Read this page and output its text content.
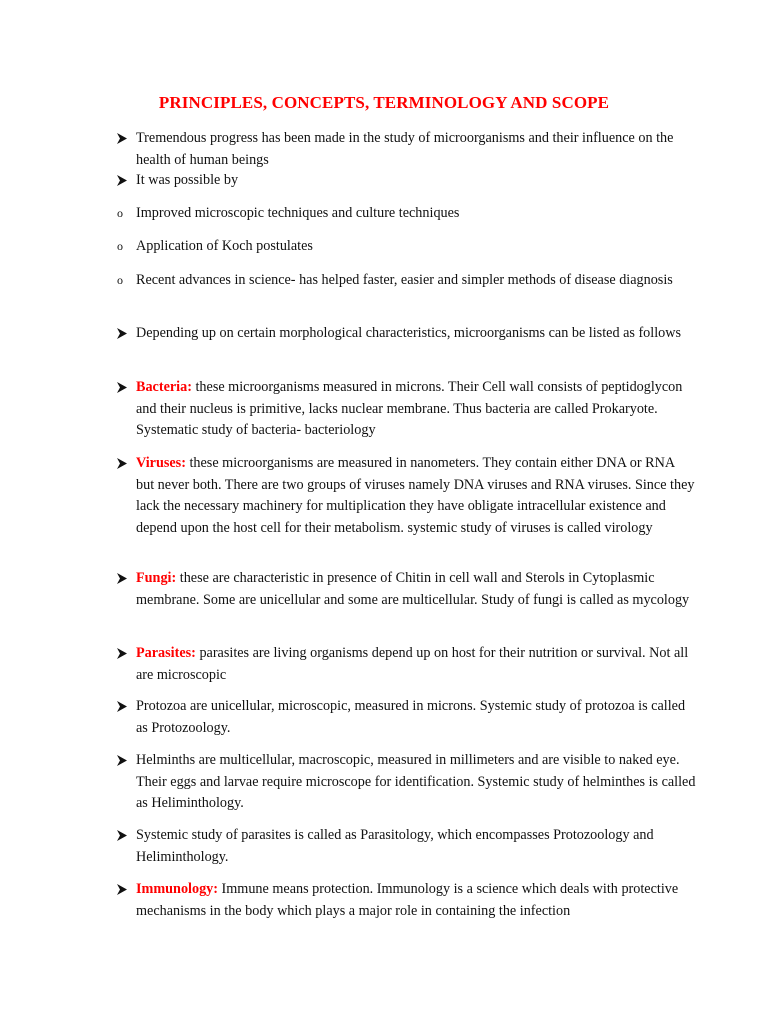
PRINCIPLES, CONCEPTS, TERMINOLOGY AND SCOPE
Tremendous progress has been made in the study of microorganisms and their influence on the health of human beings
It was possible by
o Improved microscopic techniques and culture techniques
o Application of Koch postulates
o Recent advances in science- has helped faster, easier and simpler methods of disease diagnosis
Depending up on certain morphological characteristics, microorganisms can be listed as follows
Bacteria: these microorganisms measured in microns. Their Cell wall consists of peptidoglycon and their nucleus is primitive, lacks nuclear membrane. Thus bacteria are called Prokaryote. Systematic study of bacteria- bacteriology
Viruses: these microorganisms are measured in nanometers. They contain either DNA or RNA but never both. There are two groups of viruses namely DNA viruses and RNA viruses. Since they lack the necessary machinery for multiplication they have obligate intracellular existence and depend upon the host cell for their metabolism. systemic study of viruses is called virology
Fungi: these are characteristic in presence of Chitin in cell wall and Sterols in Cytoplasmic membrane. Some are unicellular and some are multicellular. Study of fungi is called as mycology
Parasites: parasites are living organisms depend up on host for their nutrition or survival. Not all are microscopic
Protozoa are unicellular, microscopic, measured in microns. Systemic study of protozoa is called as Protozoology.
Helminths are multicellular, macroscopic, measured in millimeters and are visible to naked eye. Their eggs and larvae require microscope for identification. Systemic study of helminthes is called as Heliminthology.
Systemic study of parasites is called as Parasitology, which encompasses Protozoology and Heliminthology.
Immunology: Immune means protection. Immunology is a science which deals with protective mechanisms in the body which plays a major role in containing the infection
